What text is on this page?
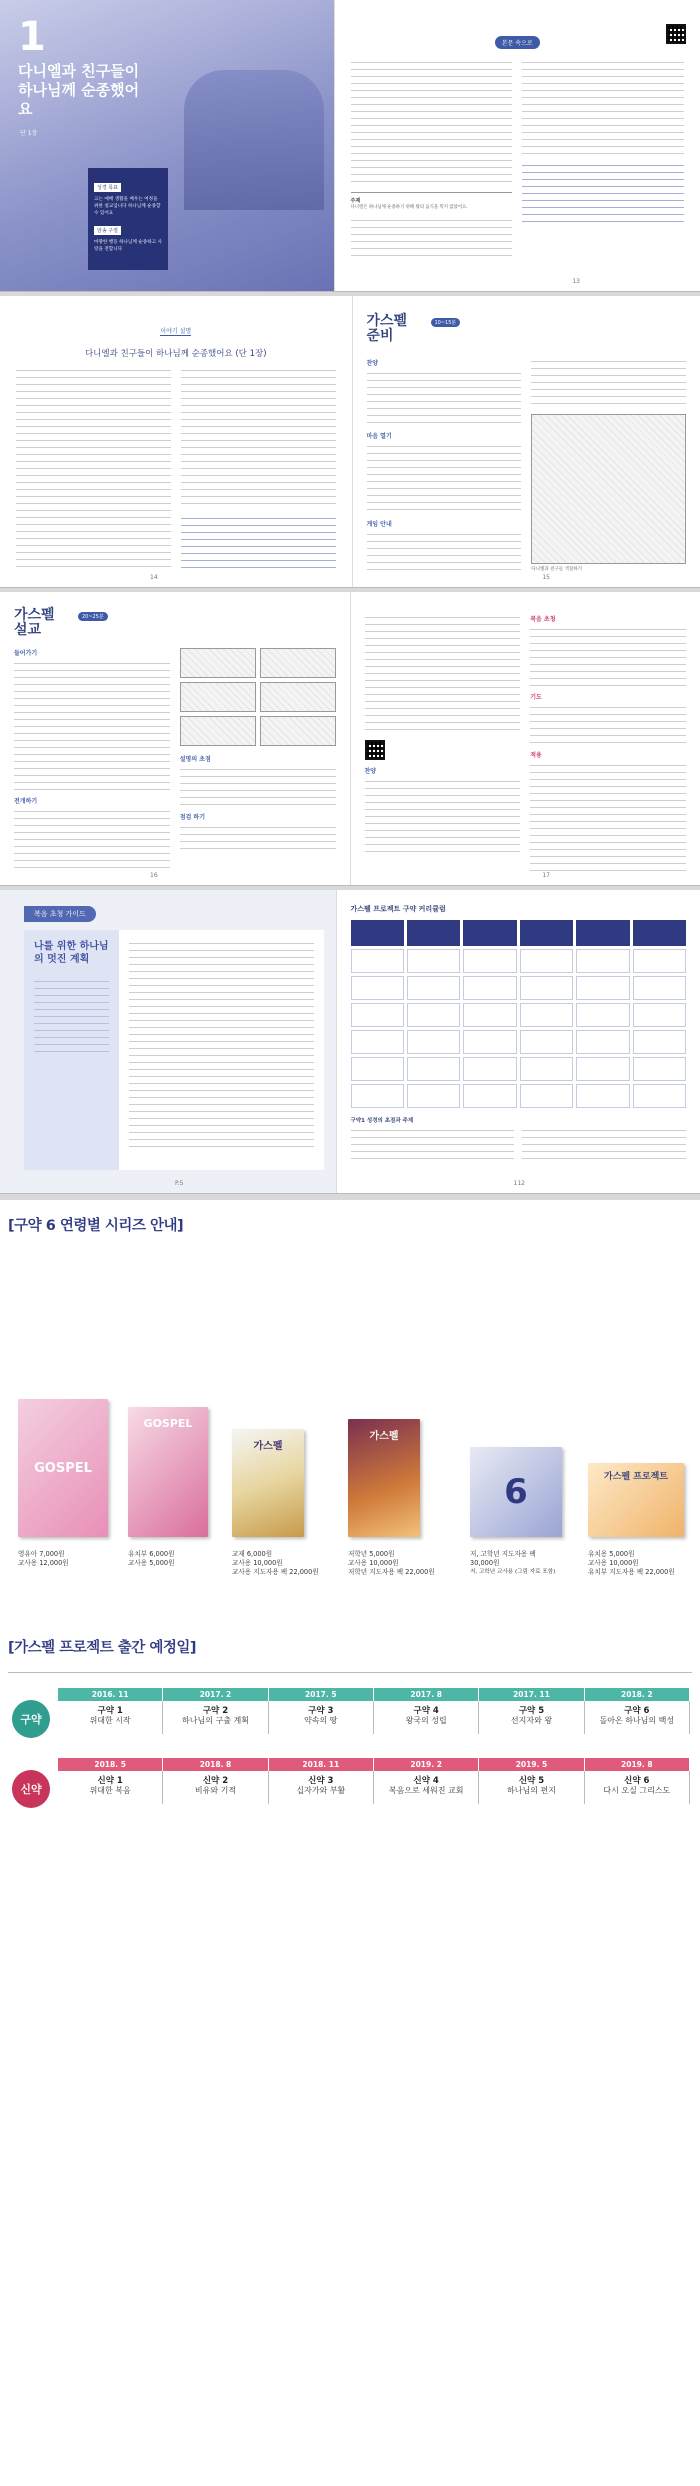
1
다니엘과 친구들이 하나님께 순종했어요
단 1장
성경 목표
고는 예배 생활을 배우는 여정을 위한 설교입니다 하나님께 순종할 수 있어요
암송 구절
마땅한 행동 하나님께 순종하고 사랑을 전합니다
본문 속으로
주제
다니엘은 하나님께 순종하기 위해 왕의 음식을 먹지 않았어요.
13
이야기 설명
다니엘과 친구들이 하나님께 순종했어요 (단 1장)
14
가스펠
준비
10~15분
찬양
마음 열기
게임 안내
다니엘과 친구들 색칠하기
15
가스펠
설교
20~25분
들어가기
전개하기
설명의 초점
점검 하기
16
찬양
복음 초청
기도
적용
17
복음 초청 가이드
나를 위한 하나님의 멋진 계획
P.5
가스펠 프로젝트 구약 커리큘럼
구약1 성경의 초점과 주제
112
[구약 6 연령별 시리즈 안내]
GOSPEL
영유아 7,000원
교사용 12,000원
GOSPEL
유치부 6,000원
교사용 5,000원
가스펠
교재 6,000원
교사용 10,000원
교사용 지도자용 팩 22,000원
가스펠
저학년 5,000원
교사용 10,000원
저학년 지도자용 팩 22,000원
6
저, 고학년 지도자용 팩
30,000원
저, 고학년 교사용 (그림 자료 포함)
가스펠 프로젝트
유치용 5,000원
교사용 10,000원
유치부 지도자용 팩 22,000원
[가스펠 프로젝트 출간 예정일]
구약
2016. 11
구약 1
위대한 시작
2017. 2
구약 2
하나님의 구출 계획
2017. 5
구약 3
약속의 땅
2017. 8
구약 4
왕국의 성립
2017. 11
구약 5
선지자와 왕
2018. 2
구약 6
돌아온 하나님의 백성
신약
2018. 5
신약 1
위대한 복음
2018. 8
신약 2
비유와 기적
2018. 11
신약 3
십자가와 부활
2019. 2
신약 4
복음으로 세워진 교회
2019. 5
신약 5
하나님의 편지
2019. 8
신약 6
다시 오실 그리스도
